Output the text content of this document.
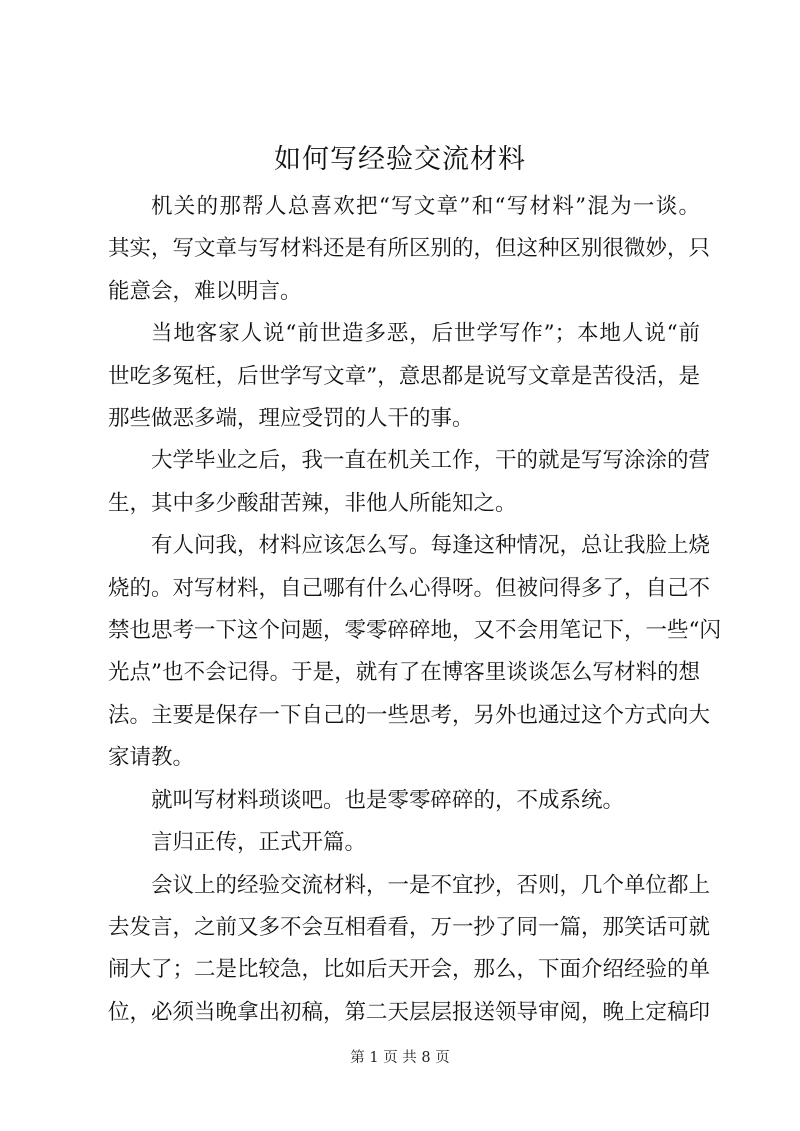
如何写经验交流材料

机关的那帮人总喜欢把“写文章”和“写材料”混为一谈。
其实，写文章与写材料还是有所区别的，但这种区别很微妙，只
能意会，难以明言。

当地客家人说“前世造多恶，后世学写作”；本地人说“前
世吃多冤枉，后世学写文章”，意思都是说写文章是苦役活，是
那些做恶多端，理应受罚的人干的事。

大学毕业之后，我一直在机关工作，干的就是写写涂涂的营
生，其中多少酸甜苦辣，非他人所能知之。

有人问我，材料应该怎么写。每逢这种情况，总让我脸上烧
烧的。对写材料，自己哪有什么心得呀。但被问得多了，自己不
禁也思考一下这个问题，零零碎碎地，又不会用笔记下，一些“闪
光点”也不会记得。于是，就有了在博客里谈谈怎么写材料的想
法。主要是保存一下自己的一些思考，另外也通过这个方式向大
家请教。

就叫写材料琐谈吧。也是零零碎碎的，不成系统。

言归正传，正式开篇。

会议上的经验交流材料，一是不宜抄，否则，几个单位都上
去发言，之前又多不会互相看看，万一抄了同一篇，那笑话可就
闹大了；二是比较急，比如后天开会，那么，下面介绍经验的单
位，必须当晚拿出初稿，第二天层层报送领导审阅，晚上定稿印

第 1 页 共 8 页
